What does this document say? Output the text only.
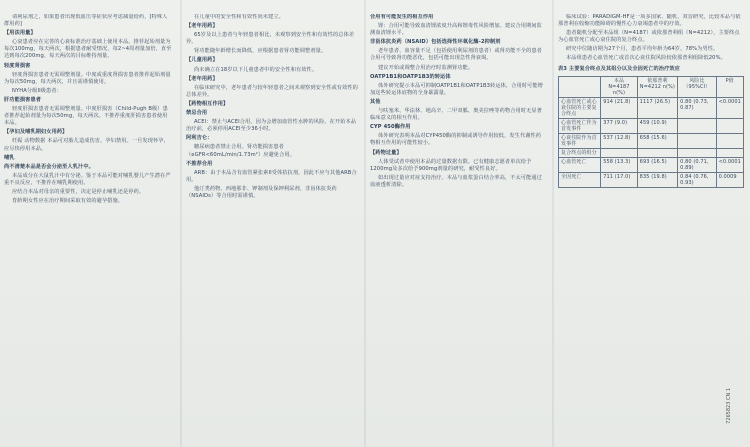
请利尿剂之，如果患者出现低血压等症状应考虑减量给药，[特殊人群用药]

【用法用量】

心衰患者应在完善的心衰标准治疗基础上使用本品。推荐起始剂量为每次100mg，每天两次，根据患者耐受情况，每2~4周剂量加倍，直至达到每次200mg、每天两次的目标维持剂量。

轻度肾损害

轻度肾损害患者无需调整剂量。中度或重度肾损害患者推荐起始剂量为每次50mg，每天两次，并且需谨慎使用。

NYHA分级II级患者：

肝功能损害患者

轻度肝损害患者无需调整剂量。中度肝损害（Child-Pugh B级）患者推荐起始剂量为每次50mg，每天两次。不推荐重度肝损害患者使用本品。

【孕妇及哺乳期妇女用药】

妊娠 动物数据 本品可对胎儿造成伤害，孕妇禁用。一旦发现怀孕，应尽快停用本品。

哺乳

尚不清楚本品是否会分泌至人乳汁中。

本品成分在大鼠乳汁中有分泌。鉴于本品可能对哺乳婴儿产生潜在严重不良反应，不推荐在哺乳期使用。

应结合本品对母亲的重要性，决定是停止哺乳还是停药。

育龄期女性应在治疗期间采取有效的避孕措施。

在儿童中的安全性和有效性尚未建立。

【老年用药】

65岁及以上患者与年轻患者相比，未观察到安全性和有效性的总体差异。

肾功能随年龄增长而降低，应根据患者肾功能调整剂量。

【儿童用药】

尚未确立在18岁以下儿童患者中的安全性和有效性。

【老年用药】

在临床研究中，老年患者与较年轻患者之间未观察到安全性或有效性的总体差异。

【药物相互作用】

禁忌合用

ACEI：禁止与ACEI合用，因为会增加血管性水肿的风险。在开始本品治疗前，必须停用ACEI至少36小时。

阿利吉仑：

糖尿病患者禁止合用。肾功能损害患者（eGFR<60mL/min/1.73m²）应避免合用。

不推荐合用

ARB：由于本品含有血管紧张素II受体拮抗剂，因此不应与其他ARB合用。

他汀类药物、西地那非、钾制剂及保钾利尿剂、非甾体抗炎药（NSAIDs）等合用时需谨慎。

合用有可能发生的相互作用

锂：合用可能导致血清锂浓度升高和锂毒性风险增加。建议合用期间监测血清锂水平。

非甾体抗炎药（NSAID）包括选择性环氧化酶-2抑制剂

老年患者、血容量不足（包括使用利尿剂的患者）或肾功能不全的患者合用可导致肾功能恶化，包括可能出现急性肾衰竭。

建议开始或调整合用治疗时监测肾功能。

OATP1B1和OATP1B3的转运体

体外研究提示本品可抑制OATP1B1和OATP1B3转运体，合用时可能增加这些转运体底物的全身暴露量。

其他

与呋塞米、华法林、地高辛、二甲双胍、奥美拉唑等药物合用时无显著临床意义的相互作用。

CYP 450酶作用

体外研究表明本品对CYP450酶的抑制或诱导作用较低，发生代谢性药物相互作用的可能性较小。

【药物过量】

人体受试者中使用本品的过量数据有限。已有健康志愿者单次给予1200mg及多次给予900mg剂量的研究，耐受性良好。

如出现过量应对症支持治疗。本品与血浆蛋白结合率高，不太可能通过血液透析清除。

临床试验：PARADIGM-HF是一项多国家、随机、双盲研究，比较本品与依那普利在收缩功能障碍的慢性心力衰竭患者中的疗效。

患者随机分配至本品组（N=4187）或依那普利组（N=4212），主要终点为心血管死亡或心衰住院的复合终点。

研究中位随访期为27个月，患者平均年龄为64岁，78%为男性。

本品组患者心血管死亡或首次心衰住院风险较依那普利组降低20%。

表3 主要复合终点及其组分以及全因死亡的治疗效应
	本品 N=4187 n(%)	依那普利 N=4212 n(%)	风险比（95%CI）	P值
心血管死亡或心衰住院的主要复合终点	914 (21.8)	1117 (26.5)	0.80 (0.73, 0.87)	<0.0001
心血管死亡作为首发事件	377 (9.0)	459 (10.9)		
心衰住院作为首发事件	537 (12.8)	658 (15.6)		
复合终点的组分				
心血管死亡	558 (13.3)	693 (16.5)	0.80 (0.71, 0.89)	<0.0001
全因死亡	711 (17.0)	835 (19.8)	0.84 (0.76, 0.93)	0.0009

7265823 CN 1
